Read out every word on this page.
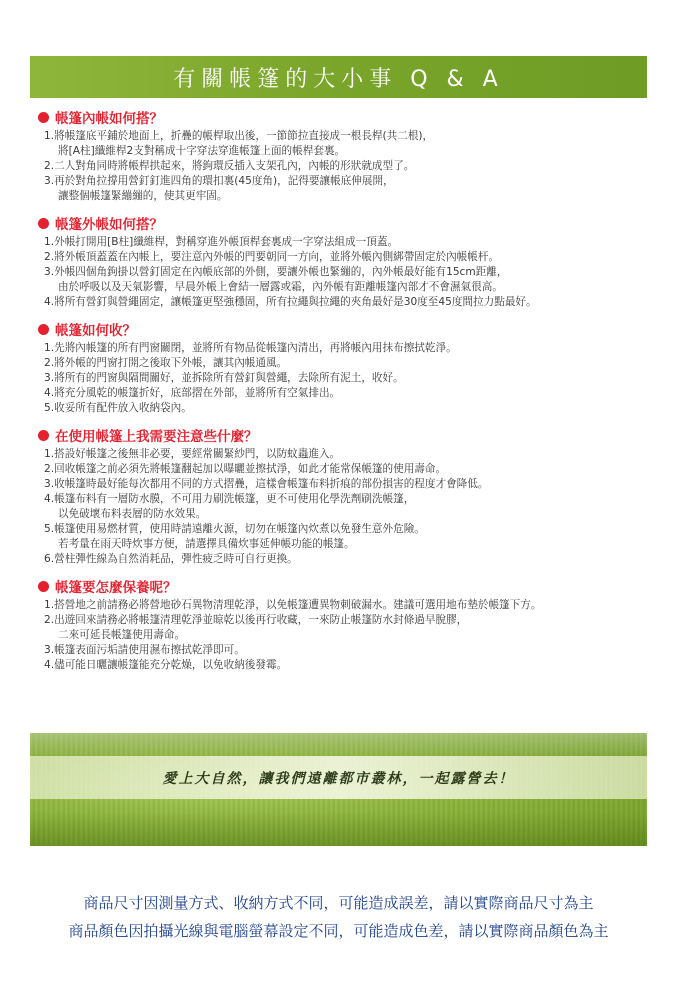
有關帳篷的大小事 Q & A
帳篷內帳如何搭？
1.將帳篷底平鋪於地面上，折疊的帳桿取出後，一節節拉直接成一根長桿(共二根)，
將[A柱]纖維桿2支對稱成十字穿法穿進帳篷上面的帳桿套裏。
2.二人對角同時將帳桿拱起來，將鉤環反插入支架孔內，內帳的形狀就成型了。
3.再於對角拉撐用營釘釘進四角的環扣裏(45度角)，記得要讓帳底伸展開，
讓整個帳篷緊繃繃的，使其更牢固。
帳篷外帳如何搭？
1.外帳打開用[B柱]纖維桿，對稱穿進外帳頂桿套裏成一字穿法組成一頂蓋。
2.將外帳頂蓋蓋在內帳上，要注意內外帳的門要朝同一方向，並將外帳內側綁帶固定於內帳帳杆。
3.外帳四個角鉤掛以營釘固定在內帳底部的外側，要讓外帳也緊繃的，內外帳最好能有15cm距離，
由於呼吸以及天氣影響，早晨外帳上會結一層露或霜，內外帳有距離帳篷內部才不會濕氣很高。
4.將所有營釘與營繩固定，讓帳篷更堅強穩固，所有拉繩與拉繩的夾角最好是30度至45度間拉力點最好。
帳篷如何收？
1.先將內帳篷的所有門窗關閉，並將所有物品從帳篷內清出，再將帳內用抹布擦拭乾淨。
2.將外帳的門窗打開之後取下外帳，讓其內帳通風。
3.將所有的門窗與隔間關好，並拆除所有營釘與營繩，去除所有泥土，收好。
4.將充分風乾的帳篷折好，底部摺在外部，並將所有空氣排出。
5.收妥所有配件放入收納袋內。
在使用帳篷上我需要注意些什麼？
1.搭設好帳篷之後無非必要，要經常關緊紗門，以防蚊蟲進入。
2.回收帳篷之前必須先將帳篷翻起加以曝曬並擦拭淨，如此才能常保帳篷的使用壽命。
3.收帳篷時最好能每次都用不同的方式摺疊，這樣會帳篷布料折痕的部份損害的程度才會降低。
4.帳篷布料有一層防水膜，不可用力刷洗帳篷，更不可使用化學洗劑刷洗帳篷，
以免破壞布料表層的防水效果。
5.帳篷使用易燃材質，使用時請遠離火源，切勿在帳篷內炊煮以免發生意外危險。
若考量在雨天時炊事方便，請選擇具備炊事延伸帳功能的帳篷。
6.營柱彈性線為自然消耗品，彈性疲乏時可自行更換。
帳篷要怎麼保養呢？
1.搭營地之前請務必將營地砂石異物清理乾淨，以免帳篷遭異物刺破漏水。建議可選用地布墊於帳篷下方。
2.出遊回來請務必將帳篷清理乾淨並晾乾以後再行收藏，一來防止帳篷防水封條過早脫膠，
二來可延長帳篷使用壽命。
3.帳篷表面污垢請使用濕布擦拭乾淨即可。
4.儘可能日曬讓帳篷能充分乾燥，以免收納後發霉。
愛上大自然，讓我們遠離都市叢林，一起露營去！
商品尺寸因測量方式、收納方式不同，可能造成誤差，請以實際商品尺寸為主
商品顏色因拍攝光線與電腦螢幕設定不同，可能造成色差，請以實際商品顏色為主
